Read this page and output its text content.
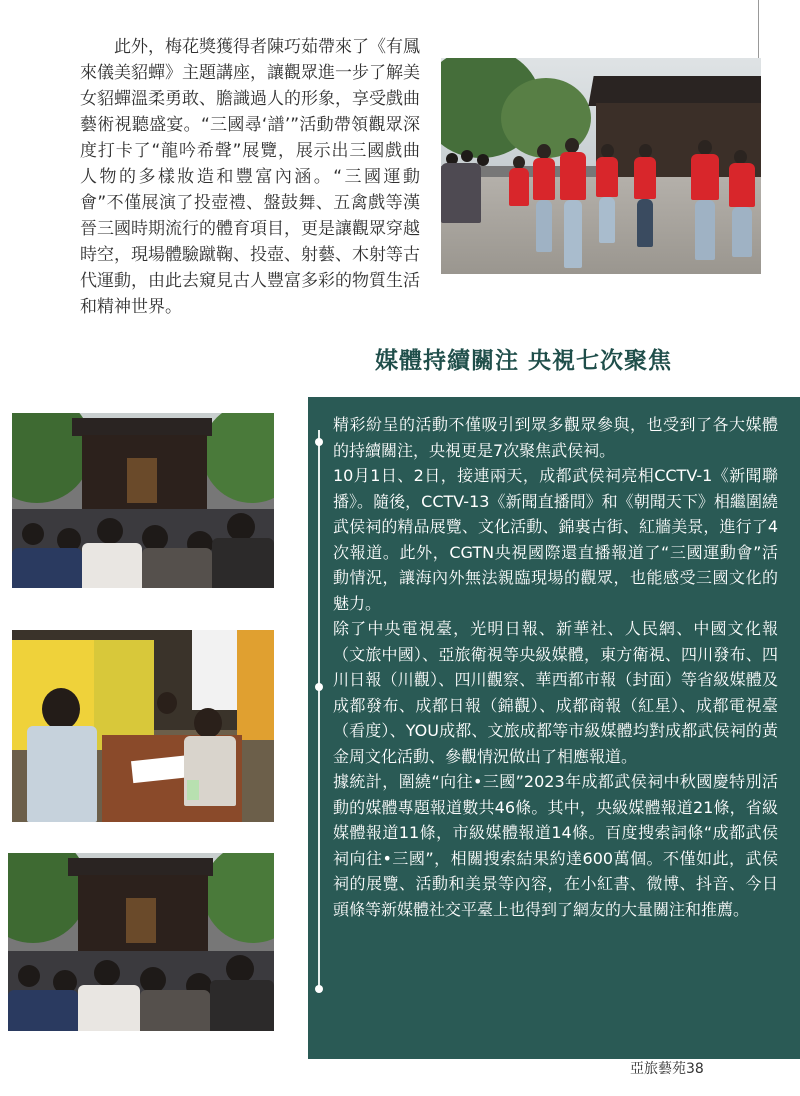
此外，梅花獎獲得者陳巧茹帶來了《有鳳來儀美貂蟬》主題講座，讓觀眾進一步了解美女貂蟬溫柔勇敢、膽識過人的形象，享受戲曲藝術視聽盛宴。“三國尋‘譜’”活動帶領觀眾深度打卡了“龍吟希聲”展覽，展示出三國戲曲人物的多樣妝造和豐富內涵。“三國運動會”不僅展演了投壺禮、盤鼓舞、五禽戲等漢晉三國時期流行的體育項目，更是讓觀眾穿越時空，現場體驗蹴鞠、投壺、射藝、木射等古代運動，由此去窺見古人豐富多彩的物質生活和精神世界。

媒體持續關注 央視七次聚焦

精彩紛呈的活動不僅吸引到眾多觀眾參與，也受到了各大媒體的持續關注，央視更是7次聚焦武侯祠。

10月1日、2日，接連兩天，成都武侯祠亮相CCTV-1《新聞聯播》。隨後，CCTV-13《新聞直播間》和《朝聞天下》相繼圍繞武侯祠的精品展覽、文化活動、錦裏古街、紅牆美景，進行了4次報道。此外，CGTN央視國際還直播報道了“三國運動會”活動情況，讓海內外無法親臨現場的觀眾，也能感受三國文化的魅力。

除了中央電視臺，光明日報、新華社、人民網、中國文化報（文旅中國）、亞旅衛視等央級媒體，東方衛視、四川發布、四川日報（川觀）、四川觀察、華西都市報（封面）等省級媒體及成都發布、成都日報（錦觀）、成都商報（紅星）、成都電視臺（看度）、YOU成都、文旅成都等市級媒體均對成都武侯祠的黃金周文化活動、參觀情況做出了相應報道。

據統計，圍繞“向往•三國”2023年成都武侯祠中秋國慶特別活動的媒體專題報道數共46條。其中，央級媒體報道21條，省級媒體報道11條，市級媒體報道14條。百度搜索詞條“成都武侯祠向往•三國”，相關搜索結果約達600萬個。不僅如此，武侯祠的展覽、活動和美景等內容，在小紅書、微博、抖音、今日頭條等新媒體社交平臺上也得到了網友的大量關注和推薦。

亞旅藝苑38
